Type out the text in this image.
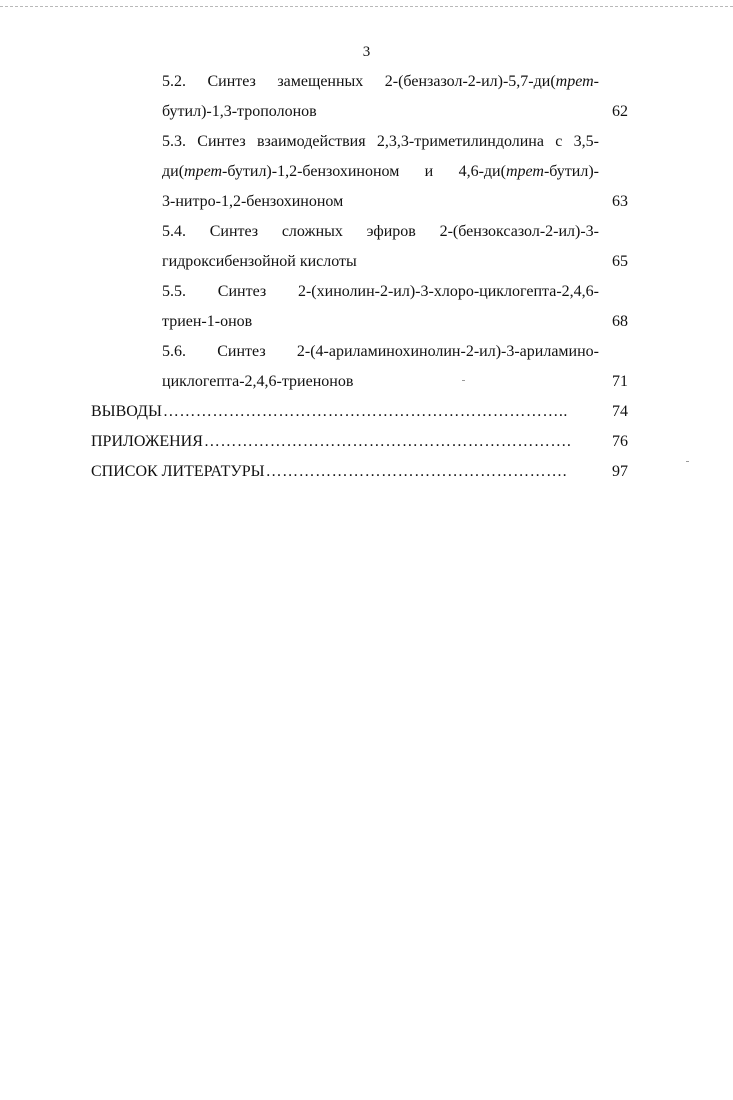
3
5.2. Синтез замещенных 2-(бензазол-2-ил)-5,7-ди(трет-
бутил)-1,3-трополонов	62
5.3. Синтез взаимодействия 2,3,3-триметилиндолина с 3,5-
ди(трет-бутил)-1,2-бензохиноном и 4,6-ди(трет-бутил)-
3-нитро-1,2-бензохиноном	63
5.4. Синтез сложных эфиров 2-(бензоксазол-2-ил)-3-
гидроксибензойной кислоты	65
5.5. Синтез 2-(хинолин-2-ил)-3-хлоро-циклогепта-2,4,6-
триен-1-онов	68
5.6. Синтез 2-(4-ариламинохинолин-2-ил)-3-ариламино-
циклогепта-2,4,6-триенонов	71
ВЫВОДЫ ………………………………………………………………..	74
ПРИЛОЖЕНИЯ ………………………………………………………….	76
СПИСОК ЛИТЕРАТУРЫ ……………………………………………….	97
